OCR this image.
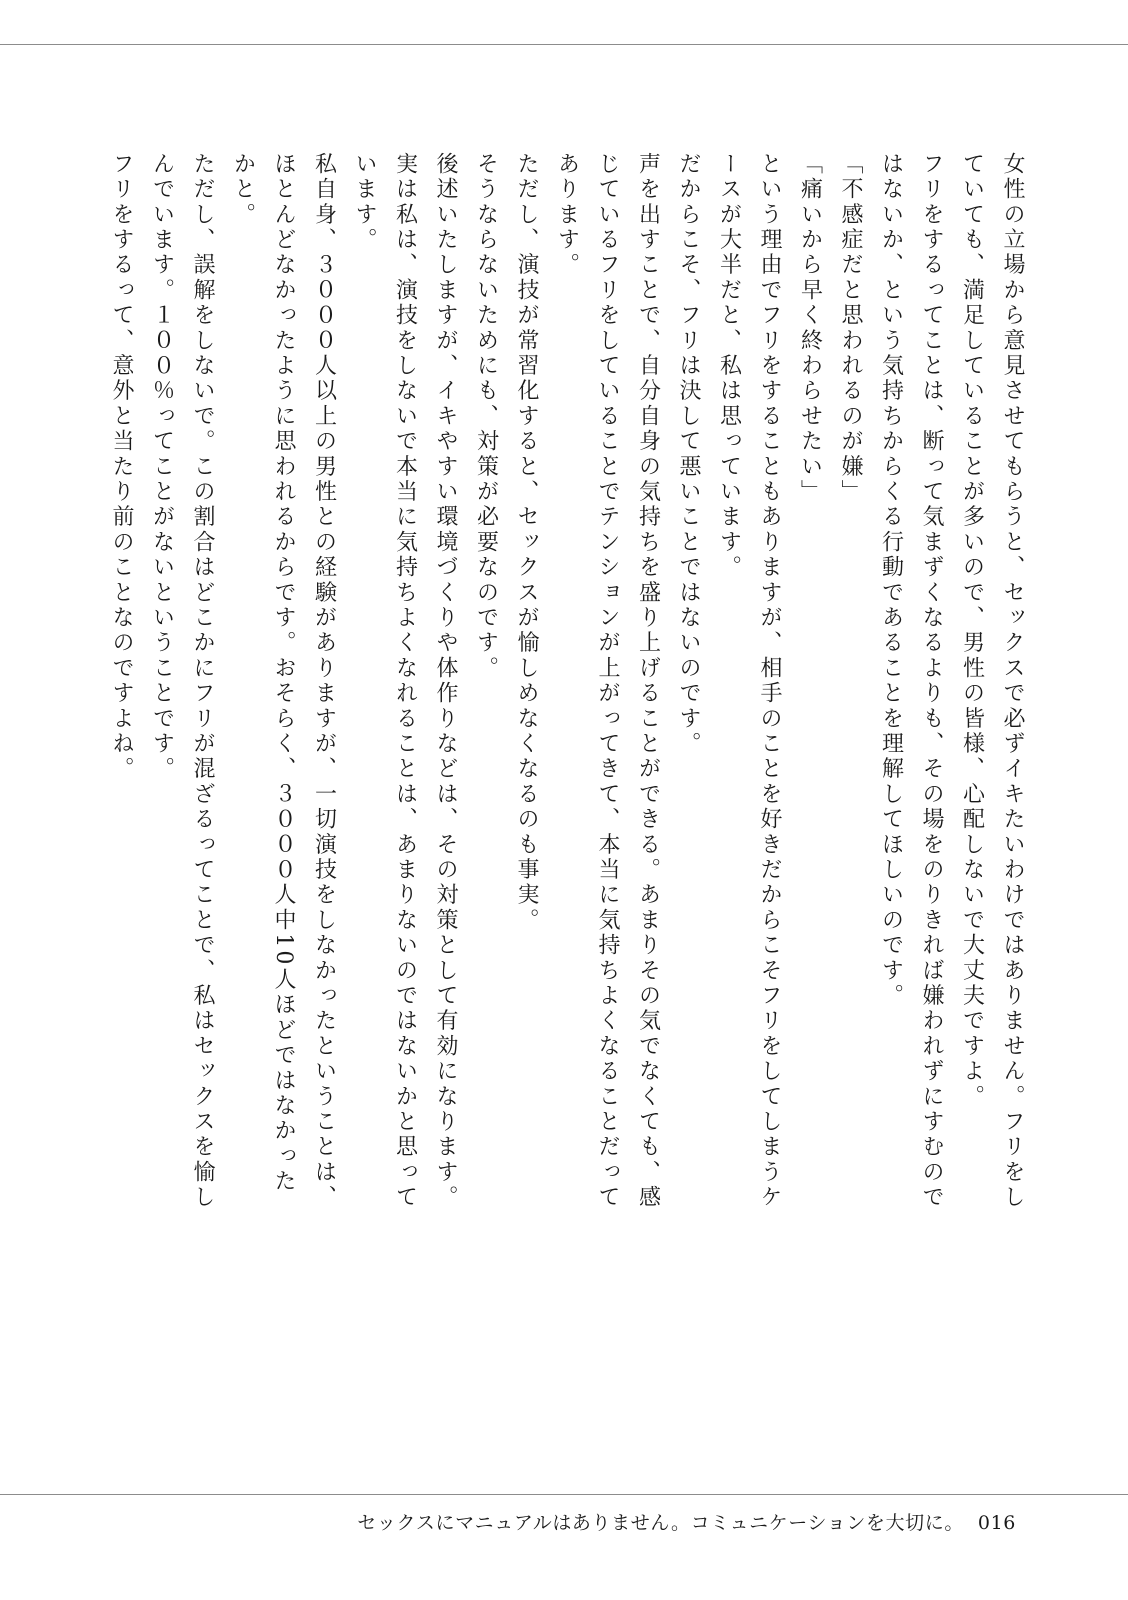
女性の立場から意見させてもらうと、セックスで必ずイキたいわけではありません。フリをしていても、満足していることが多いので、男性の皆様、心配しないで大丈夫ですよ。

フリをするってことは、断って気まずくなるよりも、その場をのりきれば嫌われずにすむのではないか、という気持ちからくる行動であることを理解してほしいのです。

「不感症だと思われるのが嫌」

「痛いから早く終わらせたい」

という理由でフリをすることもありますが、相手のことを好きだからこそフリをしてしまうケースが大半だと、私は思っています。

だからこそ、フリは決して悪いことではないのです。

声を出すことで、自分自身の気持ちを盛り上げることができる。あまりその気でなくても、感じているフリをしていることでテンションが上がってきて、本当に気持ちよくなることだってあります。

ただし、演技が常習化すると、セックスが愉しめなくなるのも事実。

そうならないためにも、対策が必要なのです。

後述いたしますが、イキやすい環境づくりや体作りなどは、その対策として有効になります。

実は私は、演技をしないで本当に気持ちよくなれることは、あまりないのではないかと思っています。

私自身、３０００人以上の男性との経験がありますが、一切演技をしなかったということは、ほとんどなかったように思われるからです。おそらく、３０００人中10人ほどではなかったかと。

ただし、誤解をしないで。この割合はどこかにフリが混ざるってことで、私はセックスを愉しんでいます。１００％ってことがないということです。

フリをするって、意外と当たり前のことなのですよね。

セックスにマニュアルはありません。コミュニケーションを大切に。 016
